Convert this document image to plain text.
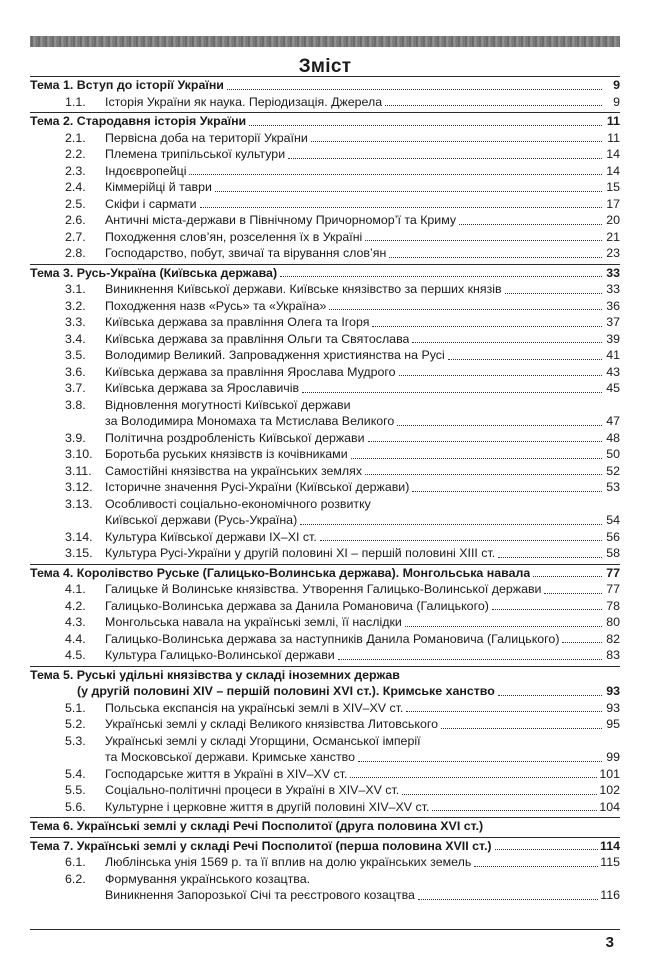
Зміст
Тема 1. Вступ до історії України	9
1.1.	Історія України як наука. Періодизація. Джерела	9
Тема 2. Стародавня історія України	11
2.1.	Первісна доба на території України	11
2.2.	Племена трипільської культури	14
2.3.	Індоєвропейці	14
2.4.	Кіммерійці й таври	15
2.5.	Скіфи і сармати	17
2.6.	Античні міста-держави в Північному Причорномор’ї та Криму	20
2.7.	Походження слов’ян, розселення їх в Україні	21
2.8.	Господарство, побут, звичаї та вірування слов’ян	23
Тема 3. Русь-Україна (Київська держава)	33
3.1.	Виникнення Київської держави. Київське князівство за перших князів	33
3.2.	Походження назв «Русь» та «Україна»	36
3.3.	Київська держава за правління Олега та Ігоря	37
3.4.	Київська держава за правління Ольги та Святослава	39
3.5.	Володимир Великий. Запровадження християнства на Русі	41
3.6.	Київська держава за правління Ярослава Мудрого	43
3.7.	Київська держава за Ярославичів	45
3.8.	Відновлення могутності Київської держави
за Володимира Мономаха та Мстислава Великого	47
3.9.	Політична роздробленість Київської держави	48
3.10.	Боротьба руських князівств із кочівниками	50
3.11.	Самостійні князівства на українських землях	52
3.12.	Історичне значення Русі-України (Київської держави)	53
3.13.	Особливості соціально-економічного розвитку
Київської держави (Русь-Україна)	54
3.14.	Культура Київської держави IX–XI ст.	56
3.15.	Культура Русі-України у другій половині XI – першій половині XIII ст.	58
Тема 4. Королівство Руське (Галицько-Волинська держава). Монгольська навала	77
4.1.	Галицьке й Волинське князівства. Утворення Галицько-Волинської держави	77
4.2.	Галицько-Волинська держава за Данила Романовича (Галицького)	78
4.3.	Монгольська навала на українські землі, її наслідки	80
4.4.	Галицько-Волинська держава за наступників Данила Романовича (Галицького)	82
4.5.	Культура Галицько-Волинської держави	83
Тема 5. Руські удільні князівства у складі іноземних держав
(у другій половині XIV – першій половині XVI ст.). Кримське ханство	93
5.1.	Польська експансія на українські землі в XIV–XV ст.	93
5.2.	Українські землі у складі Великого князівства Литовського	95
5.3.	Українські землі у складі Угорщини, Османської імперії
та Московської держави. Кримське ханство	99
5.4.	Господарське життя в Україні в XIV–XV ст.	101
5.5.	Соціально-політичні процеси в Україні в XIV–XV ст.	102
5.6.	Культурне і церковне життя в другій половині XIV–XV ст.	104
Тема 6. Українські землі у складі Речі Посполитої (друга половина XVI ст.)
Тема 7. Українські землі у складі Речі Посполитої (перша половина XVII ст.)	114
6.1.	Люблінська унія 1569 р. та її вплив на долю українських земель	115
6.2.	Формування українського козацтва.
Виникнення Запорозької Січі та реєстрового козацтва	116
3
